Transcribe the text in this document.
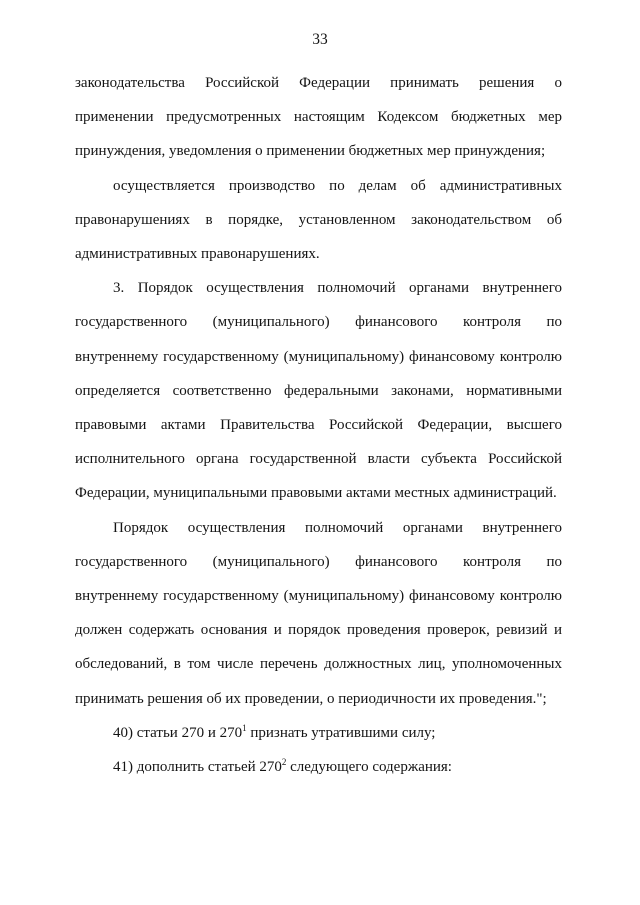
33

законодательства Российской Федерации принимать решения о применении предусмотренных настоящим Кодексом бюджетных мер принуждения, уведомления о применении бюджетных мер принуждения;

осуществляется производство по делам об административных правонарушениях в порядке, установленном законодательством об административных правонарушениях.

3. Порядок осуществления полномочий органами внутреннего государственного (муниципального) финансового контроля по внутреннему государственному (муниципальному) финансовому контролю определяется соответственно федеральными законами, нормативными правовыми актами Правительства Российской Федерации, высшего исполнительного органа государственной власти субъекта Российской Федерации, муниципальными правовыми актами местных администраций.

Порядок осуществления полномочий органами внутреннего государственного (муниципального) финансового контроля по внутреннему государственному (муниципальному) финансовому контролю должен содержать основания и порядок проведения проверок, ревизий и обследований, в том числе перечень должностных лиц, уполномоченных принимать решения об их проведении, о периодичности их проведения.";

40) статьи 270 и $270^1$ признать утратившими силу;

41) дополнить статьей $270^2$ следующего содержания:
